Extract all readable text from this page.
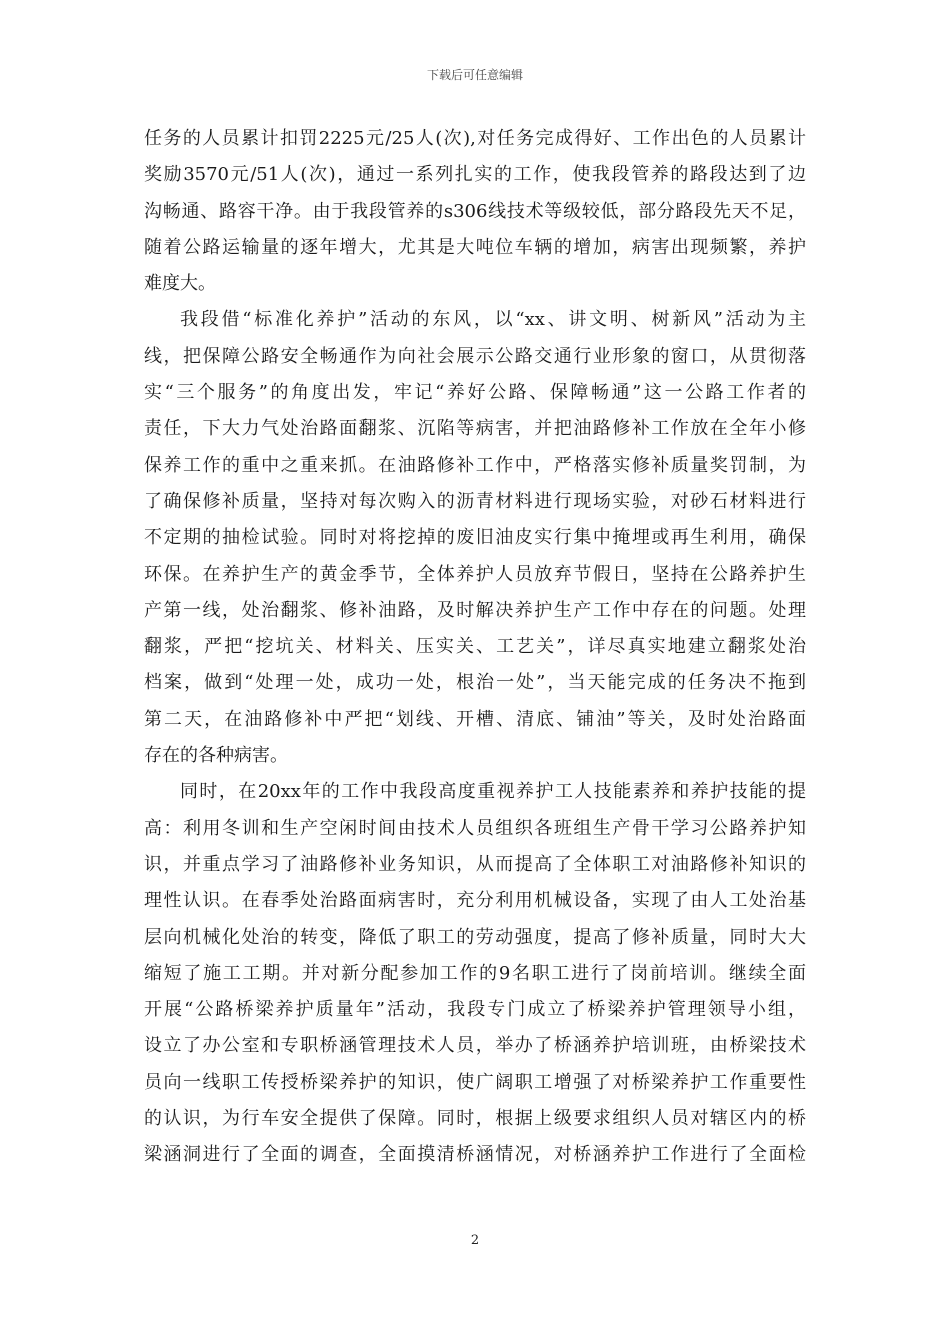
下载后可任意编辑
任务的人员累计扣罚2225元/25人(次),对任务完成得好、工作出色的人员累计
奖励3570元/51人(次)，通过一系列扎实的工作，使我段管养的路段达到了边
沟畅通、路容干净。由于我段管养的s306线技术等级较低，部分路段先天不足，
随着公路运输量的逐年增大，尤其是大吨位车辆的增加，病害出现频繁，养护
难度大。
我段借“标准化养护”活动的东风，以“xx、讲文明、树新风”活动为主
线，把保障公路安全畅通作为向社会展示公路交通行业形象的窗口，从贯彻落
实“三个服务”的角度出发，牢记“养好公路、保障畅通”这一公路工作者的
责任，下大力气处治路面翻浆、沉陷等病害，并把油路修补工作放在全年小修
保养工作的重中之重来抓。在油路修补工作中，严格落实修补质量奖罚制，为
了确保修补质量，坚持对每次购入的沥青材料进行现场实验，对砂石材料进行
不定期的抽检试验。同时对将挖掉的废旧油皮实行集中掩埋或再生利用，确保
环保。在养护生产的黄金季节，全体养护人员放弃节假日，坚持在公路养护生
产第一线，处治翻浆、修补油路，及时解决养护生产工作中存在的问题。处理
翻浆，严把“挖坑关、材料关、压实关、工艺关”，详尽真实地建立翻浆处治
档案，做到“处理一处，成功一处，根治一处”，当天能完成的任务决不拖到
第二天，在油路修补中严把“划线、开槽、清底、铺油”等关，及时处治路面
存在的各种病害。
同时，在20xx年的工作中我段高度重视养护工人技能素养和养护技能的提
高：利用冬训和生产空闲时间由技术人员组织各班组生产骨干学习公路养护知
识，并重点学习了油路修补业务知识，从而提高了全体职工对油路修补知识的
理性认识。在春季处治路面病害时，充分利用机械设备，实现了由人工处治基
层向机械化处治的转变，降低了职工的劳动强度，提高了修补质量，同时大大
缩短了施工工期。并对新分配参加工作的9名职工进行了岗前培训。继续全面
开展“公路桥梁养护质量年”活动，我段专门成立了桥梁养护管理领导小组，
设立了办公室和专职桥涵管理技术人员，举办了桥涵养护培训班，由桥梁技术
员向一线职工传授桥梁养护的知识，使广阔职工增强了对桥梁养护工作重要性
的认识，为行车安全提供了保障。同时，根据上级要求组织人员对辖区内的桥
梁涵洞进行了全面的调查，全面摸清桥涵情况，对桥涵养护工作进行了全面检
2
